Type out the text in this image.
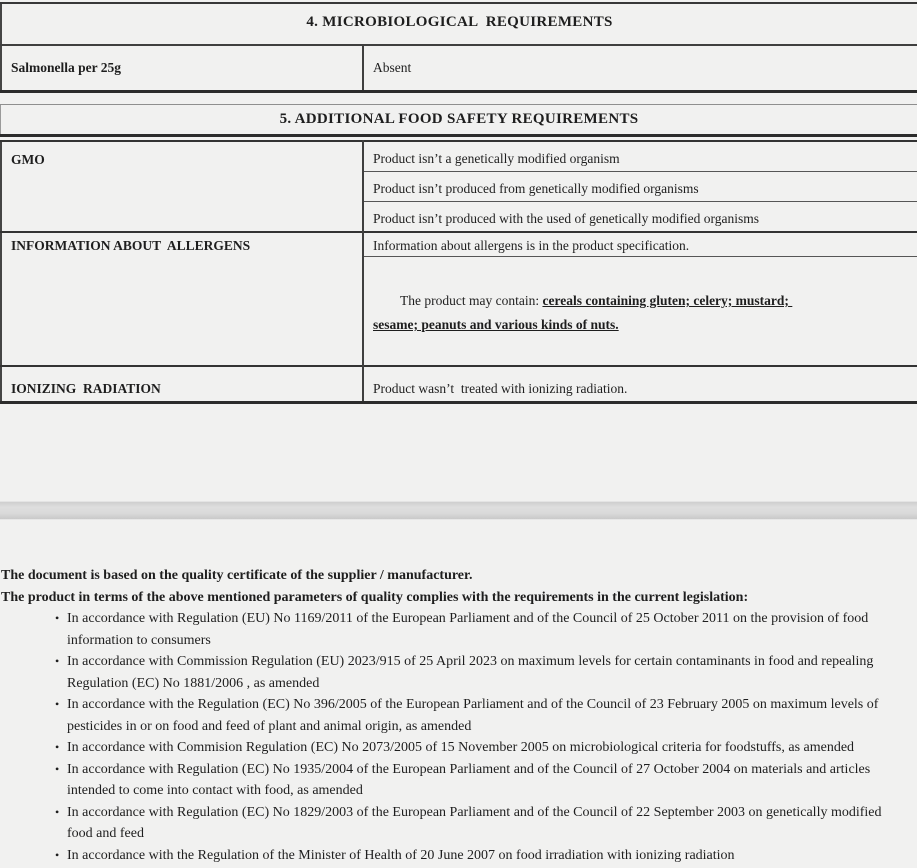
4. MICROBIOLOGICAL  REQUIREMENTS
Salmonella per 25g	Absent
5. ADDITIONAL FOOD SAFETY REQUIREMENTS
GMO	Product isn’t a genetically modified organism
	Product isn’t produced from genetically modified organisms
	Product isn’t produced with the used of genetically modified organisms
INFORMATION ABOUT  ALLERGENS	Information about allergens is in the product specification.

The product may contain: cereals containing gluten; celery; mustard; sesame; peanuts and various kinds of nuts.

IONIZING  RADIATION	Product wasn’t  treated with ionizing radiation.
The document is based on the quality certificate of the supplier / manufacturer.
The product in terms of the above mentioned parameters of quality complies with the requirements in the current legislation:
• In accordance with Regulation (EU) No 1169/2011 of the European Parliament and of the Council of 25 October 2011 on the provision of food information to consumers
• In accordance with Commission Regulation (EU) 2023/915 of 25 April 2023 on maximum levels for certain contaminants in food and repealing Regulation (EC) No 1881/2006 , as amended
• In accordance with the Regulation (EC) No 396/2005 of the European Parliament and of the Council of 23 February 2005 on maximum levels of pesticides in or on food and feed of plant and animal origin, as amended
• In accordance with Commision Regulation (EC) No 2073/2005 of 15 November 2005 on microbiological criteria for foodstuffs, as amended
• In accordance with Regulation (EC) No 1935/2004 of the European Parliament and of the Council of 27 October 2004 on materials and articles intended to come into contact with food, as amended
• In accordance with Regulation (EC) No 1829/2003 of the European Parliament and of the Council of 22 September 2003 on genetically modified food and feed
• In accordance with the Regulation of the Minister of Health of 20 June 2007 on food irradiation with ionizing radiation
